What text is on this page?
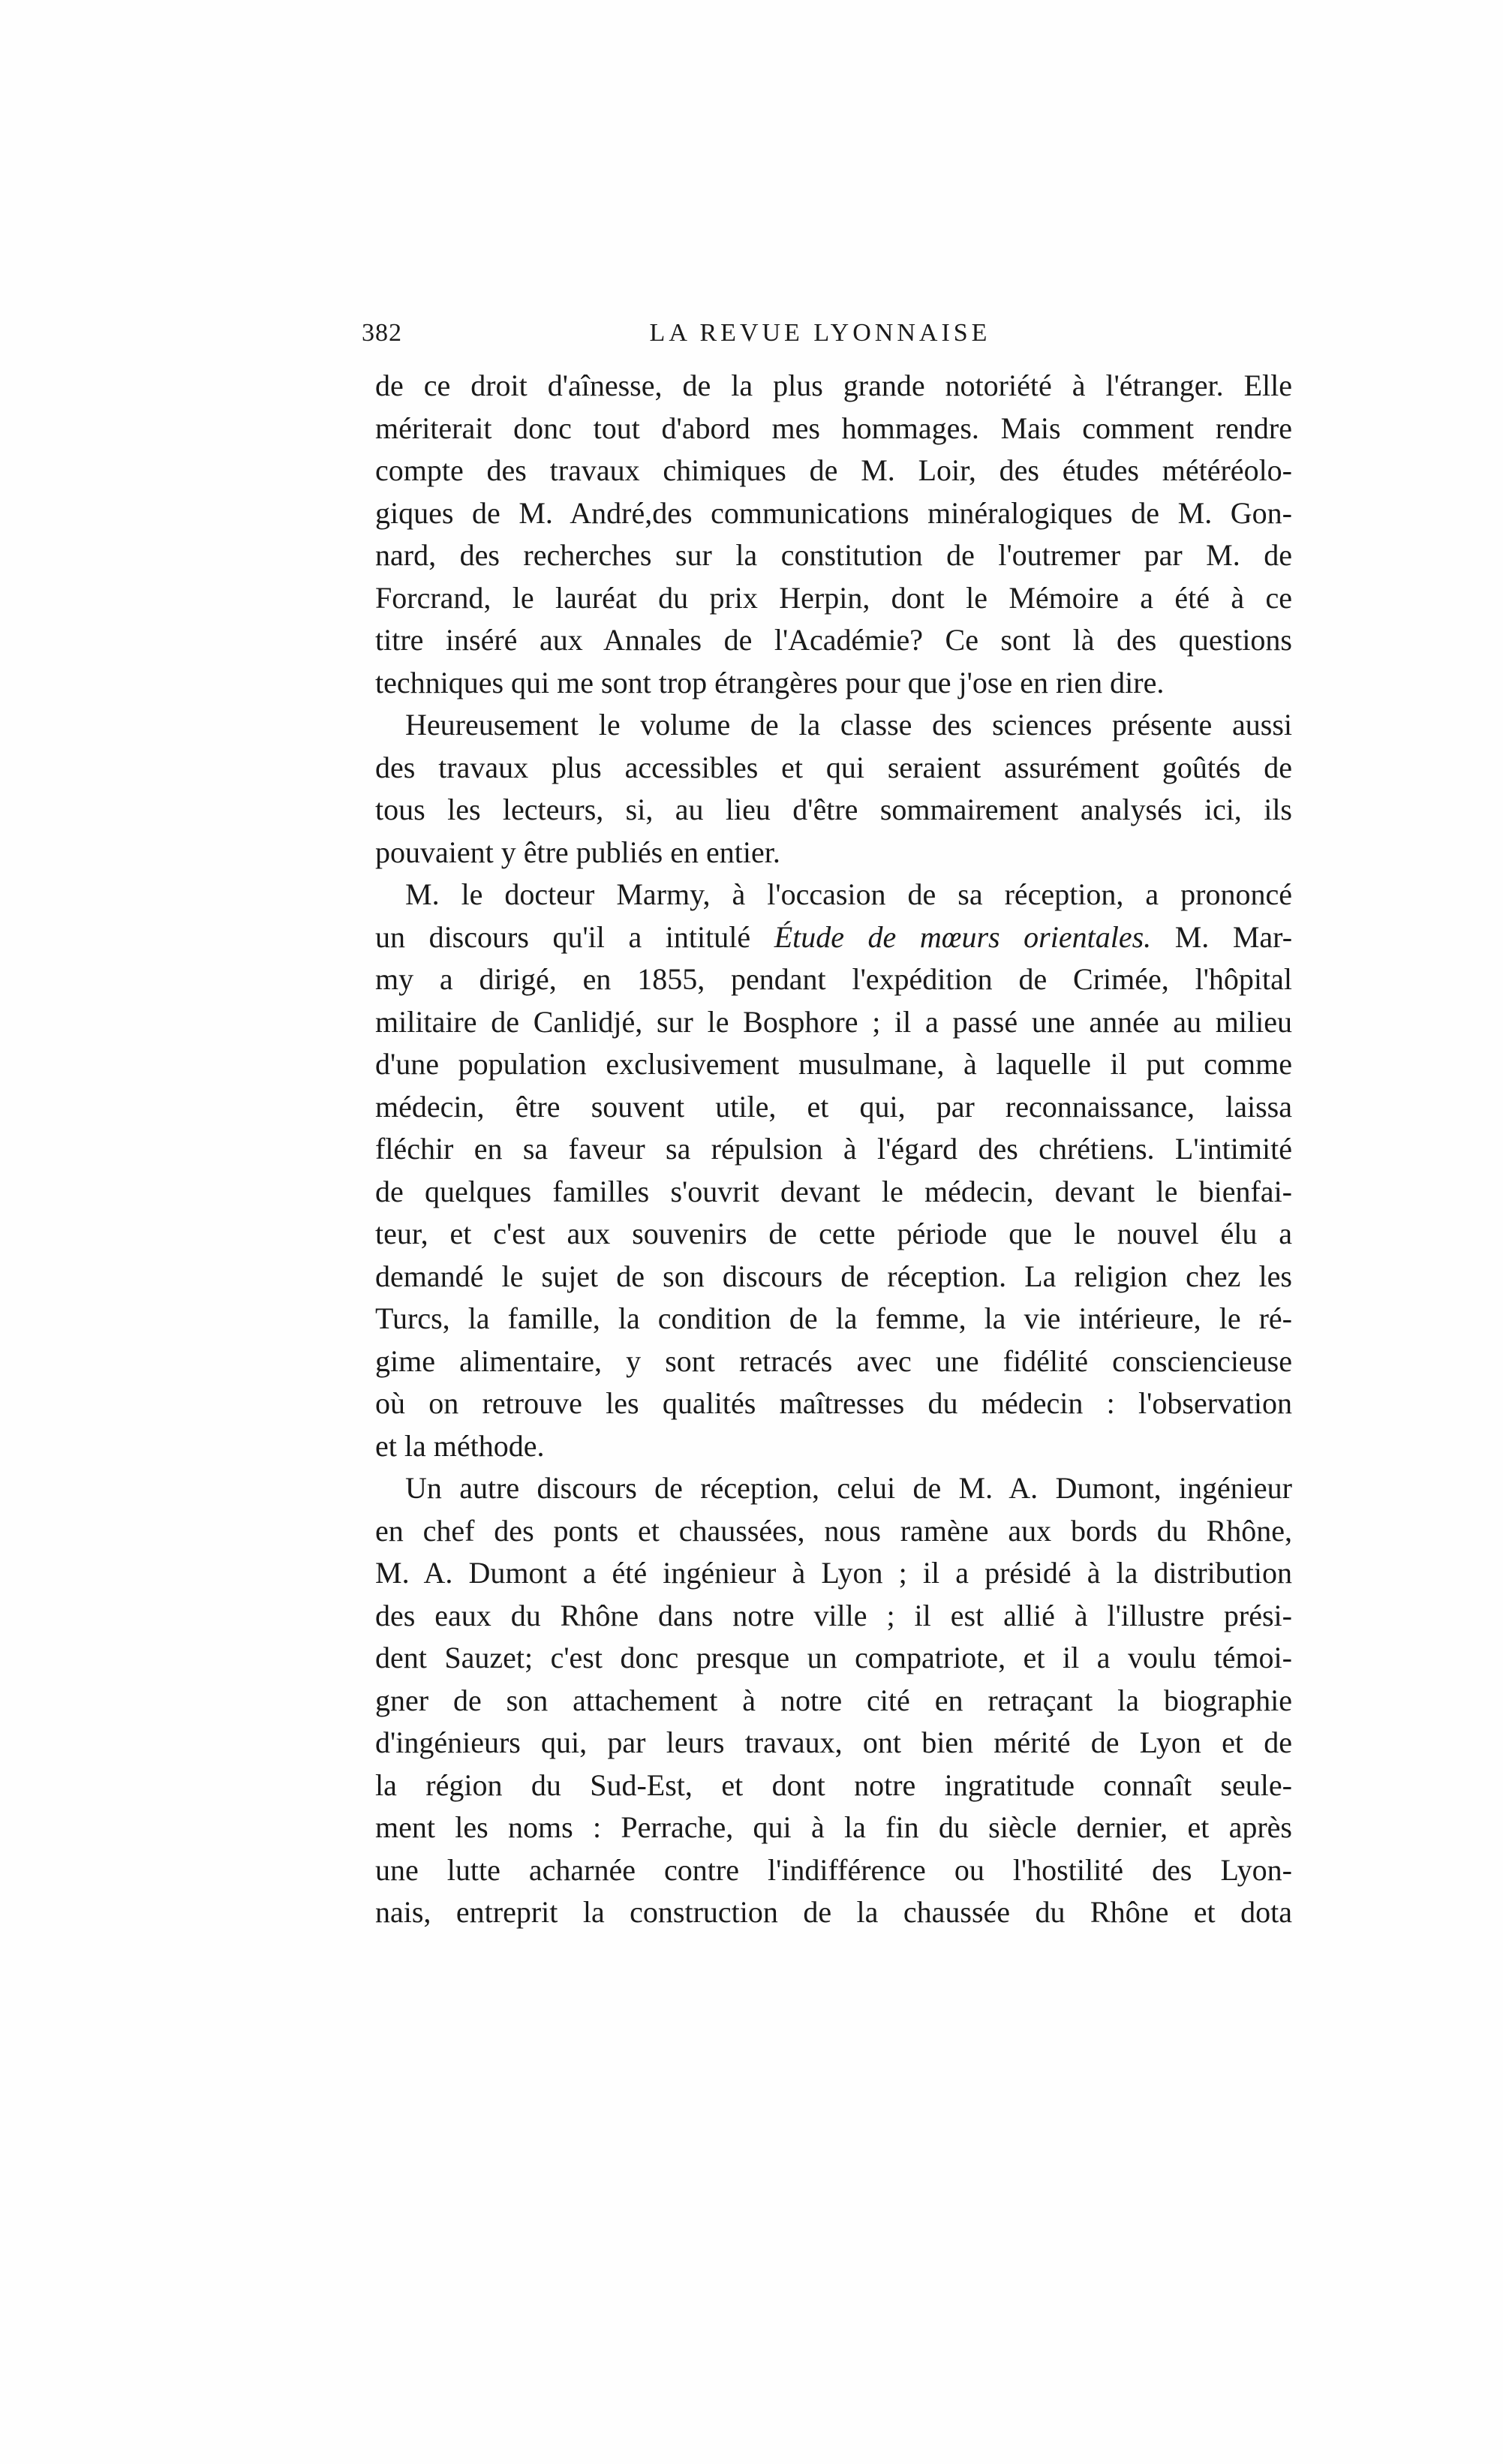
382	LA REVUE LYONNAISE
de ce droit d'aînesse, de la plus grande notoriété à l'étranger. Elle
mériterait donc tout d'abord mes hommages. Mais comment rendre
compte des travaux chimiques de M. Loir, des études météréolo-
giques de M. André,des communications minéralogiques de M. Gon-
nard, des recherches sur la constitution de l'outremer par M. de
Forcrand, le lauréat du prix Herpin, dont le Mémoire a été à ce
titre inséré aux Annales de l'Académie? Ce sont là des questions
techniques qui me sont trop étrangères pour que j'ose en rien dire.
Heureusement le volume de la classe des sciences présente aussi
des travaux plus accessibles et qui seraient assurément goûtés de
tous les lecteurs, si, au lieu d'être sommairement analysés ici, ils
pouvaient y être publiés en entier.
M. le docteur Marmy, à l'occasion de sa réception, a prononcé
un discours qu'il a intitulé Étude de mœurs orientales. M. Mar-
my a dirigé, en 1855, pendant l'expédition de Crimée, l'hôpital
militaire de Canlidjé, sur le Bosphore ; il a passé une année au milieu
d'une population exclusivement musulmane, à laquelle il put comme
médecin, être souvent utile, et qui, par reconnaissance, laissa
fléchir en sa faveur sa répulsion à l'égard des chrétiens. L'intimité
de quelques familles s'ouvrit devant le médecin, devant le bienfai-
teur, et c'est aux souvenirs de cette période que le nouvel élu a
demandé le sujet de son discours de réception. La religion chez les
Turcs, la famille, la condition de la femme, la vie intérieure, le ré-
gime alimentaire, y sont retracés avec une fidélité consciencieuse
où on retrouve les qualités maîtresses du médecin : l'observation
et la méthode.
Un autre discours de réception, celui de M. A. Dumont, ingénieur
en chef des ponts et chaussées, nous ramène aux bords du Rhône,
M. A. Dumont a été ingénieur à Lyon ; il a présidé à la distribution
des eaux du Rhône dans notre ville ; il est allié à l'illustre prési-
dent Sauzet; c'est donc presque un compatriote, et il a voulu témoi-
gner de son attachement à notre cité en retraçant la biographie
d'ingénieurs qui, par leurs travaux, ont bien mérité de Lyon et de
la région du Sud-Est, et dont notre ingratitude connaît seule-
ment les noms : Perrache, qui à la fin du siècle dernier, et après
une lutte acharnée contre l'indifférence ou l'hostilité des Lyon-
nais, entreprit la construction de la chaussée du Rhône et dota
